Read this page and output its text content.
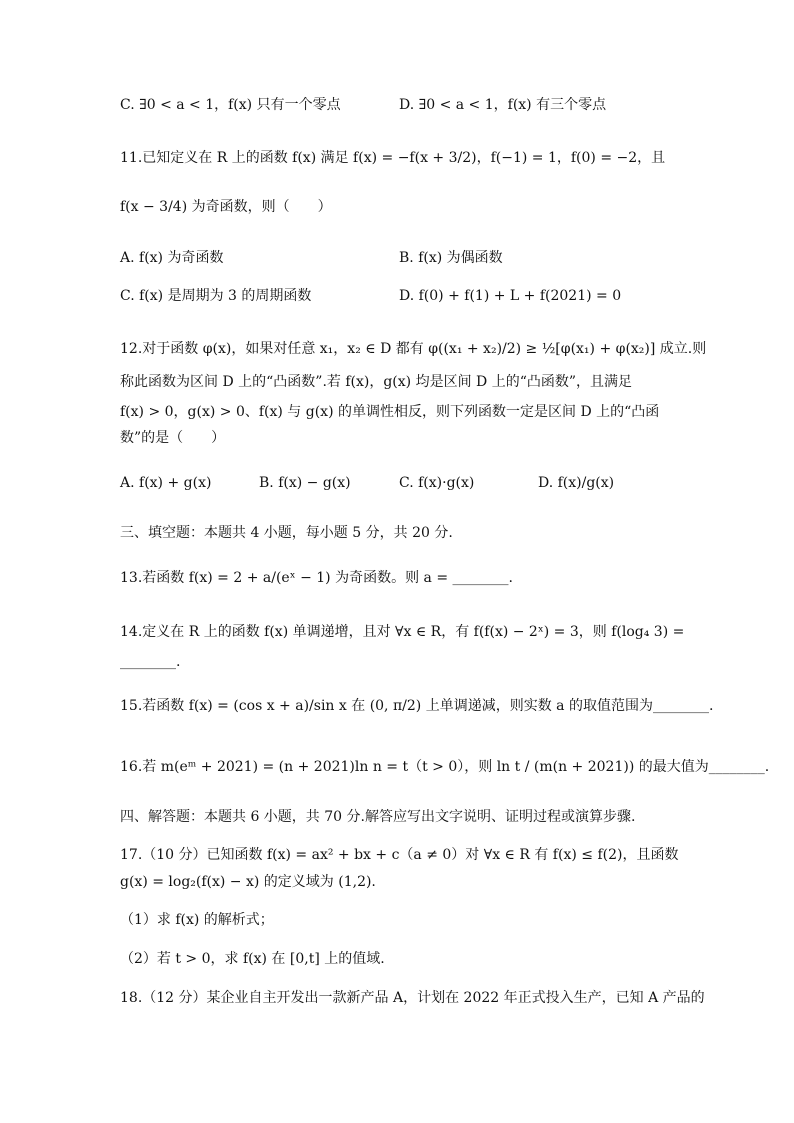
C. ∃0 < a < 1，f(x) 只有一个零点	D. ∃0 < a < 1，f(x) 有三个零点
11.已知定义在 R 上的函数 f(x) 满足 f(x) = −f(x + 3/2)，f(−1) = 1，f(0) = −2，且
f(x − 3/4) 为奇函数，则（　　）
A. f(x) 为奇函数	B. f(x) 为偶函数
C. f(x) 是周期为 3 的周期函数	D. f(0) + f(1) + L + f(2021) = 0
12.对于函数 φ(x)，如果对任意 x₁，x₂ ∈ D 都有 φ((x₁ + x₂)/2) ≥ ½[φ(x₁) + φ(x₂)] 成立.则
称此函数为区间 D 上的“凸函数”.若 f(x)，g(x) 均是区间 D 上的“凸函数”，且满足
f(x) > 0，g(x) > 0、f(x) 与 g(x) 的单调性相反，则下列函数一定是区间 D 上的“凸函
数”的是（　　）
A. f(x) + g(x)	B. f(x) − g(x)	C. f(x)·g(x)	D. f(x)/g(x)
三、填空题：本题共 4 小题，每小题 5 分，共 20 分.
13.若函数 f(x) = 2 + a/(eˣ − 1) 为奇函数。则 a = ________.
14.定义在 R 上的函数 f(x) 单调递增，且对 ∀x ∈ R，有 f(f(x) − 2ˣ) = 3，则 f(log₄ 3) =
________.
15.若函数 f(x) = (cos x + a)/sin x 在 (0, π/2) 上单调递减，则实数 a 的取值范围为________.
16.若 m(eᵐ + 2021) = (n + 2021)ln n = t（t > 0），则 ln t / (m(n + 2021)) 的最大值为________.
四、解答题：本题共 6 小题，共 70 分.解答应写出文字说明、证明过程或演算步骤.
17.（10 分）已知函数 f(x) = ax² + bx + c（a ≠ 0）对 ∀x ∈ R 有 f(x) ≤ f(2)，且函数
g(x) = log₂(f(x) − x) 的定义域为 (1,2).
（1）求 f(x) 的解析式；
（2）若 t > 0，求 f(x) 在 [0,t] 上的值域.
18.（12 分）某企业自主开发出一款新产品 A，计划在 2022 年正式投入生产，已知 A 产品的
